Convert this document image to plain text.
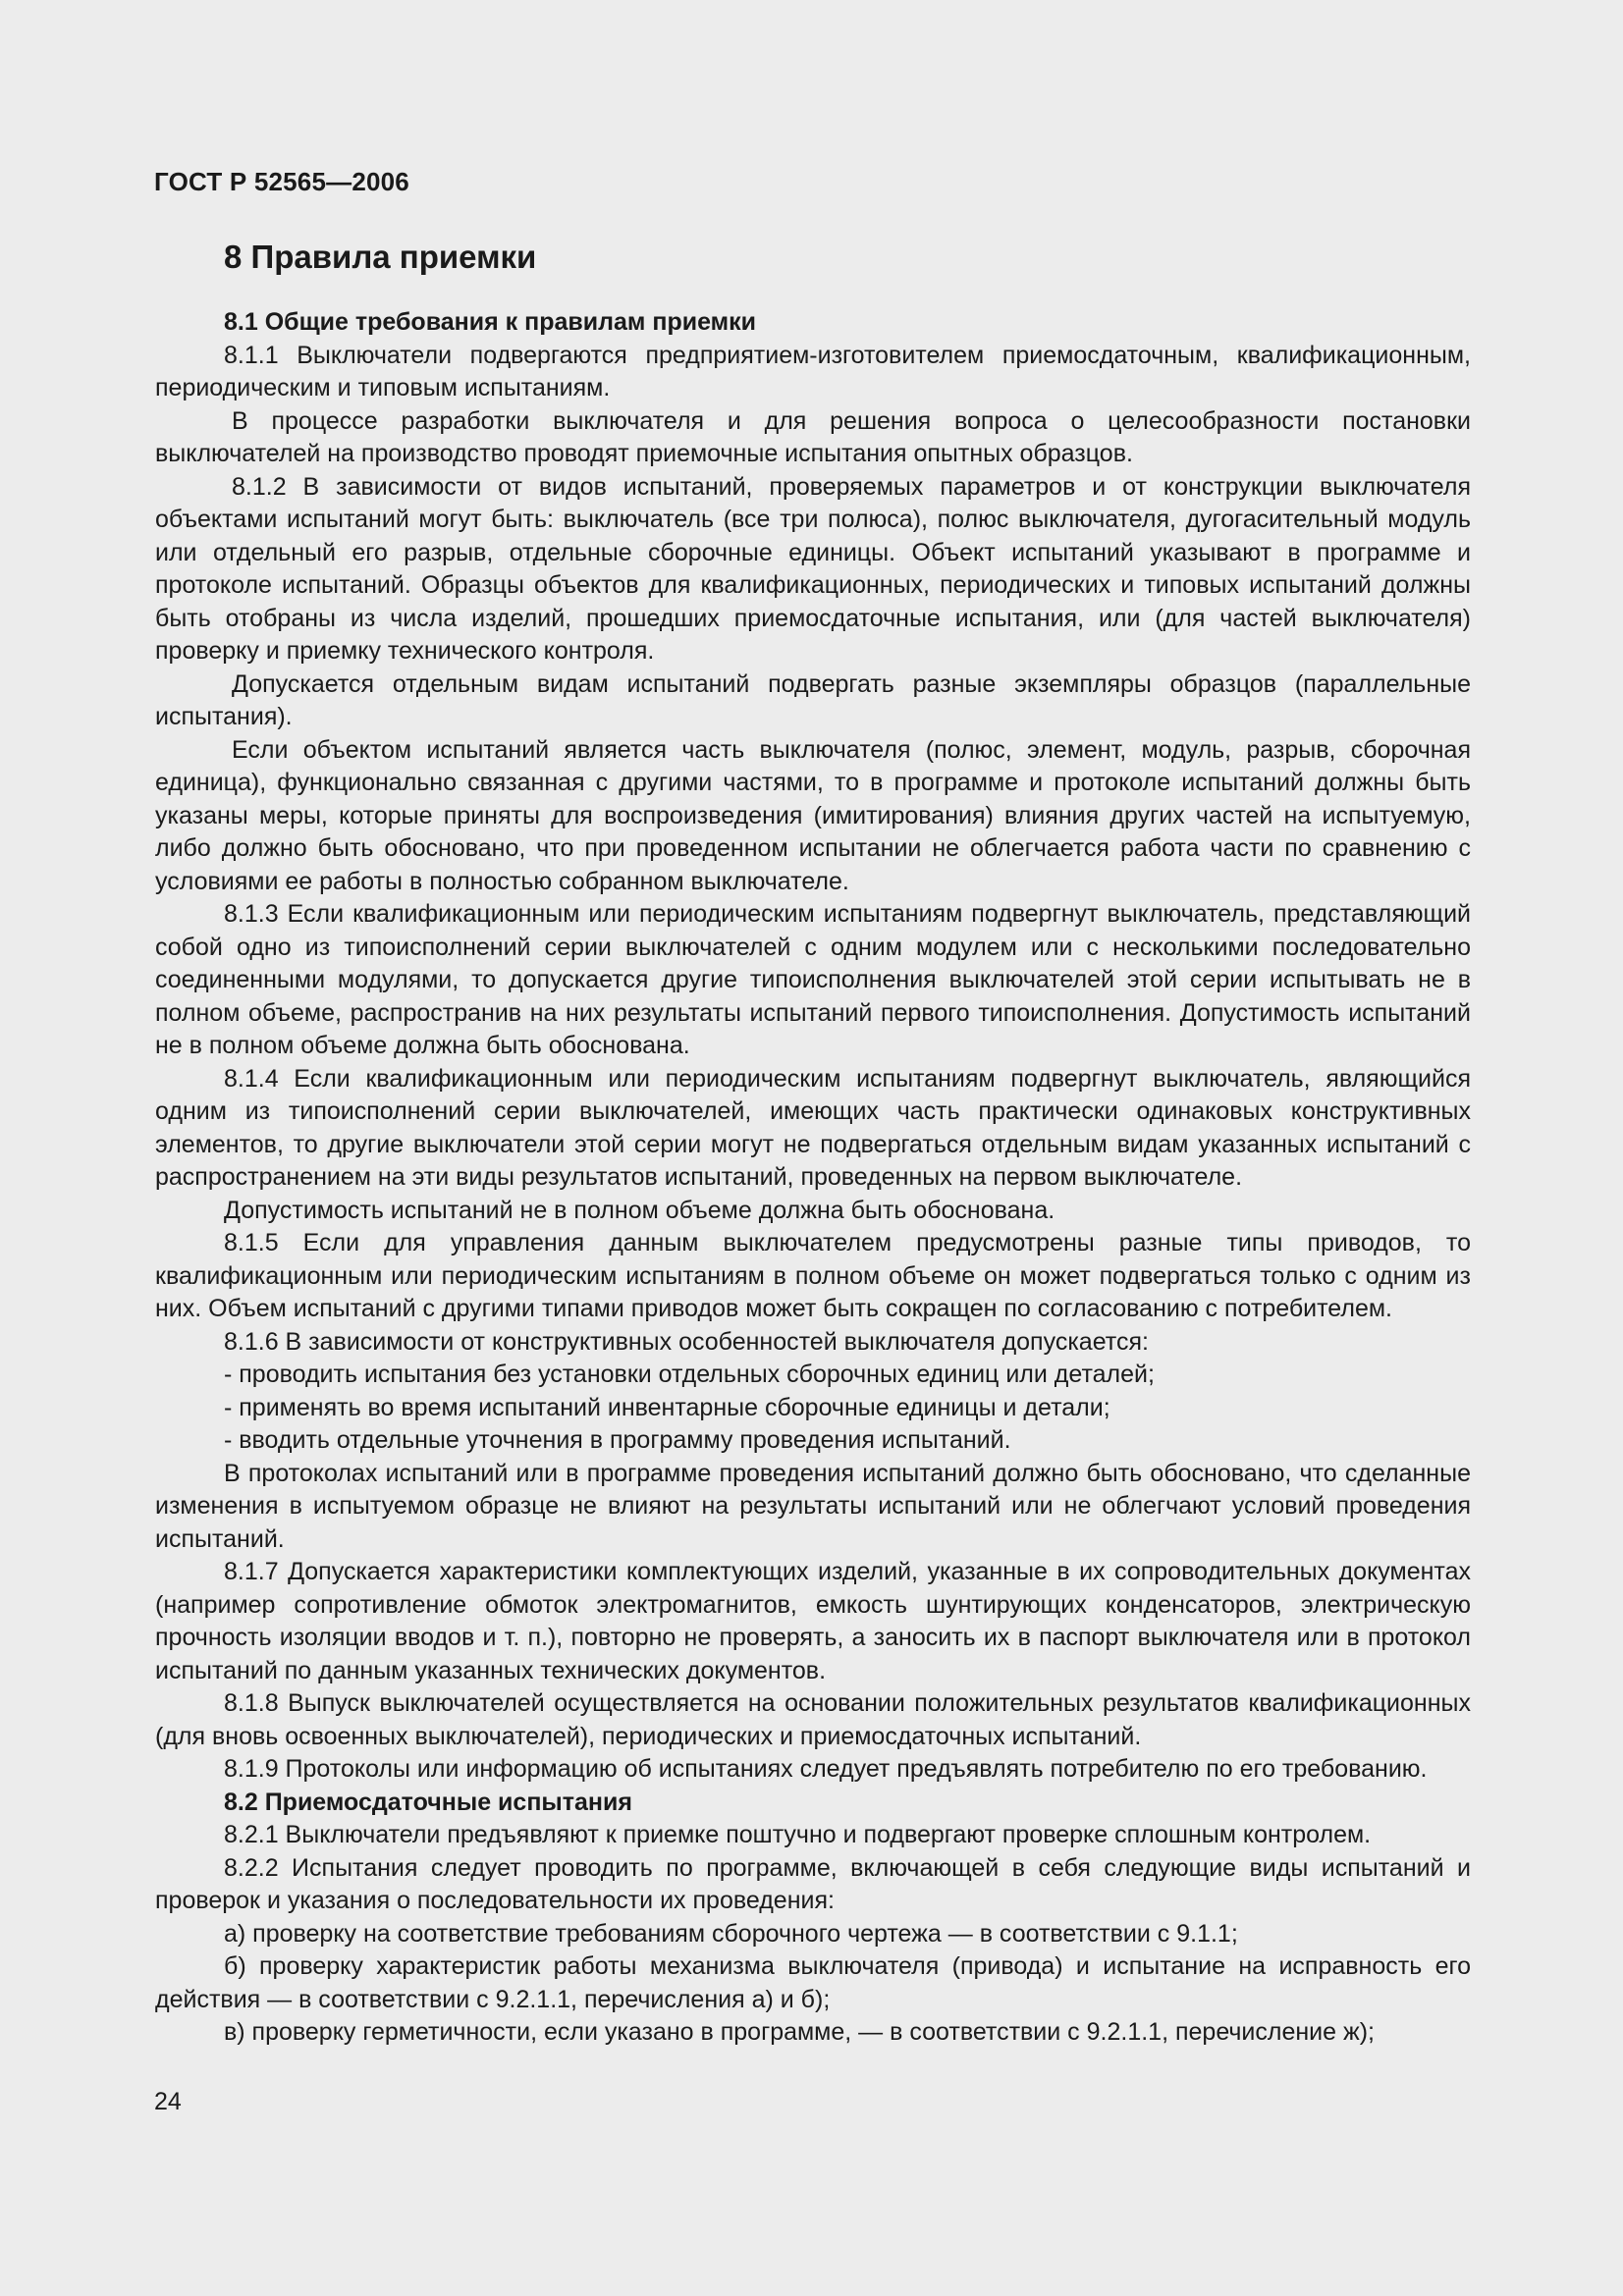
ГОСТ Р 52565—2006
8 Правила приемки
8.1 Общие требования к правилам приемки

8.1.1 Выключатели подвергаются предприятием-изготовителем приемосдаточным, квалификационным, периодическим и типовым испытаниям.

В процессе разработки выключателя и для решения вопроса о целесообразности постановки выключателей на производство проводят приемочные испытания опытных образцов.

8.1.2 В зависимости от видов испытаний, проверяемых параметров и от конструкции выключателя объектами испытаний могут быть: выключатель (все три полюса), полюс выключателя, дугогасительный модуль или отдельный его разрыв, отдельные сборочные единицы. Объект испытаний указывают в программе и протоколе испытаний. Образцы объектов для квалификационных, периодических и типовых испытаний должны быть отобраны из числа изделий, прошедших приемосдаточные испытания, или (для частей выключателя) проверку и приемку технического контроля.

Допускается отдельным видам испытаний подвергать разные экземпляры образцов (параллельные испытания).

Если объектом испытаний является часть выключателя (полюс, элемент, модуль, разрыв, сборочная единица), функционально связанная с другими частями, то в программе и протоколе испытаний должны быть указаны меры, которые приняты для воспроизведения (имитирования) влияния других частей на испытуемую, либо должно быть обосновано, что при проведенном испытании не облегчается работа части по сравнению с условиями ее работы в полностью собранном выключателе.

8.1.3 Если квалификационным или периодическим испытаниям подвергнут выключатель, представляющий собой одно из типоисполнений серии выключателей с одним модулем или с несколькими последовательно соединенными модулями, то допускается другие типоисполнения выключателей этой серии испытывать не в полном объеме, распространив на них результаты испытаний первого типоисполнения. Допустимость испытаний не в полном объеме должна быть обоснована.

8.1.4 Если квалификационным или периодическим испытаниям подвергнут выключатель, являющийся одним из типоисполнений серии выключателей, имеющих часть практически одинаковых конструктивных элементов, то другие выключатели этой серии могут не подвергаться отдельным видам указанных испытаний с распространением на эти виды результатов испытаний, проведенных на первом выключателе.

Допустимость испытаний не в полном объеме должна быть обоснована.

8.1.5 Если для управления данным выключателем предусмотрены разные типы приводов, то квалификационным или периодическим испытаниям в полном объеме он может подвергаться только с одним из них. Объем испытаний с другими типами приводов может быть сокращен по согласованию с потребителем.

8.1.6 В зависимости от конструктивных особенностей выключателя допускается:

- проводить испытания без установки отдельных сборочных единиц или деталей;

- применять во время испытаний инвентарные сборочные единицы и детали;

- вводить отдельные уточнения в программу проведения испытаний.

В протоколах испытаний или в программе проведения испытаний должно быть обосновано, что сделанные изменения в испытуемом образце не влияют на результаты испытаний или не облегчают условий проведения испытаний.

8.1.7 Допускается характеристики комплектующих изделий, указанные в их сопроводительных документах (например сопротивление обмоток электромагнитов, емкость шунтирующих конденсаторов, электрическую прочность изоляции вводов и т. п.), повторно не проверять, а заносить их в паспорт выключателя или в протокол испытаний по данным указанных технических документов.

8.1.8 Выпуск выключателей осуществляется на основании положительных результатов квалификационных (для вновь освоенных выключателей), периодических и приемосдаточных испытаний.

8.1.9 Протоколы или информацию об испытаниях следует предъявлять потребителю по его требованию.

8.2 Приемосдаточные испытания

8.2.1 Выключатели предъявляют к приемке поштучно и подвергают проверке сплошным контролем.

8.2.2 Испытания следует проводить по программе, включающей в себя следующие виды испытаний и проверок и указания о последовательности их проведения:

а) проверку на соответствие требованиям сборочного чертежа — в соответствии с 9.1.1;

б) проверку характеристик работы механизма выключателя (привода) и испытание на исправность его действия — в соответствии с 9.2.1.1, перечисления а) и б);

в) проверку герметичности, если указано в программе, — в соответствии с 9.2.1.1, перечисление ж);

24
